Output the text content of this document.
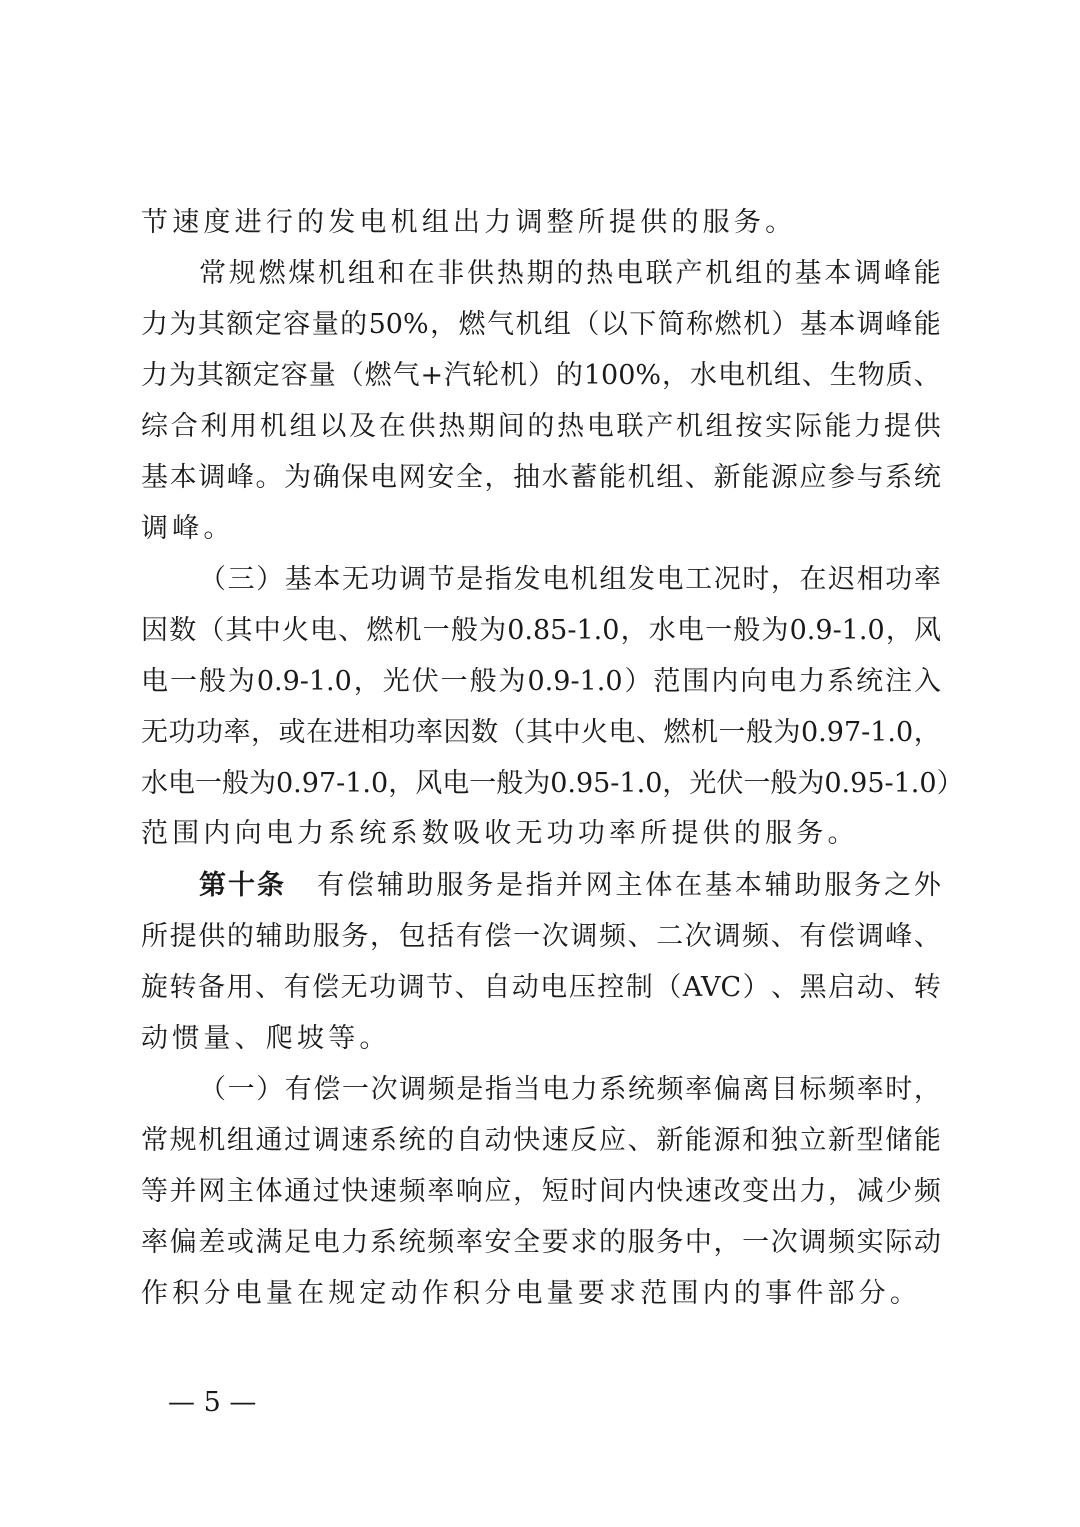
节 速 度 进 行 的 发 电 机 组 出 力 调 整 所 提 供 的 服 务 。
常 规 燃 煤 机 组 和 在 非 供 热 期 的 热 电 联 产 机 组 的 基 本 调 峰 能
力 为 其 额 定 容 量 的 50% ， 燃 气 机 组 （ 以 下 简 称 燃 机 ） 基 本 调 峰 能
力 为 其 额 定 容 量 （ 燃 气 + 汽 轮 机 ） 的 100% ， 水 电 机 组 、 生 物 质 、
综 合 利 用 机 组 以 及 在 供 热 期 间 的 热 电 联 产 机 组 按 实 际 能 力 提 供
基 本 调 峰 。 为 确 保 电 网 安 全 ， 抽 水 蓄 能 机 组 、 新 能 源 应 参 与 系 统
调 峰 。
（ 三 ） 基 本 无 功 调 节 是 指 发 电 机 组 发 电 工 况 时 ， 在 迟 相 功 率
因 数 （ 其 中 火 电 、 燃 机 一 般 为 0.85-1.0 ， 水 电 一 般 为 0.9-1.0 ， 风
电 一 般 为 0.9-1.0 ， 光 伏 一 般 为 0.9-1.0 ） 范 围 内 向 电 力 系 统 注 入
无 功 功 率 ， 或 在 进 相 功 率 因 数 （ 其 中 火 电 、 燃 机 一 般 为 0.97-1.0 ，
水 电 一 般 为 0.97-1.0 ， 风 电 一 般 为 0.95-1.0 ， 光 伏 一 般 为 0.95-1.0 ）
范 围 内 向 电 力 系 统 系 数 吸 收 无 功 功 率 所 提 供 的 服 务 。
第十条 有 偿 辅 助 服 务 是 指 并 网 主 体 在 基 本 辅 助 服 务 之 外
所 提 供 的 辅 助 服 务 ， 包 括 有 偿 一 次 调 频 、 二 次 调 频 、 有 偿 调 峰 、
旋 转 备 用 、 有 偿 无 功 调 节 、 自 动 电 压 控 制 （ AVC ） 、 黑 启 动 、 转
动 惯 量 、 爬 坡 等 。
（ 一 ） 有 偿 一 次 调 频 是 指 当 电 力 系 统 频 率 偏 离 目 标 频 率 时 ，
常 规 机 组 通 过 调 速 系 统 的 自 动 快 速 反 应 、 新 能 源 和 独 立 新 型 储 能
等 并 网 主 体 通 过 快 速 频 率 响 应 ， 短 时 间 内 快 速 改 变 出 力 ， 减 少 频
率 偏 差 或 满 足 电 力 系 统 频 率 安 全 要 求 的 服 务 中 ， 一 次 调 频 实 际 动
作 积 分 电 量 在 规 定 动 作 积 分 电 量 要 求 范 围 内 的 事 件 部 分 。
— 5 —
